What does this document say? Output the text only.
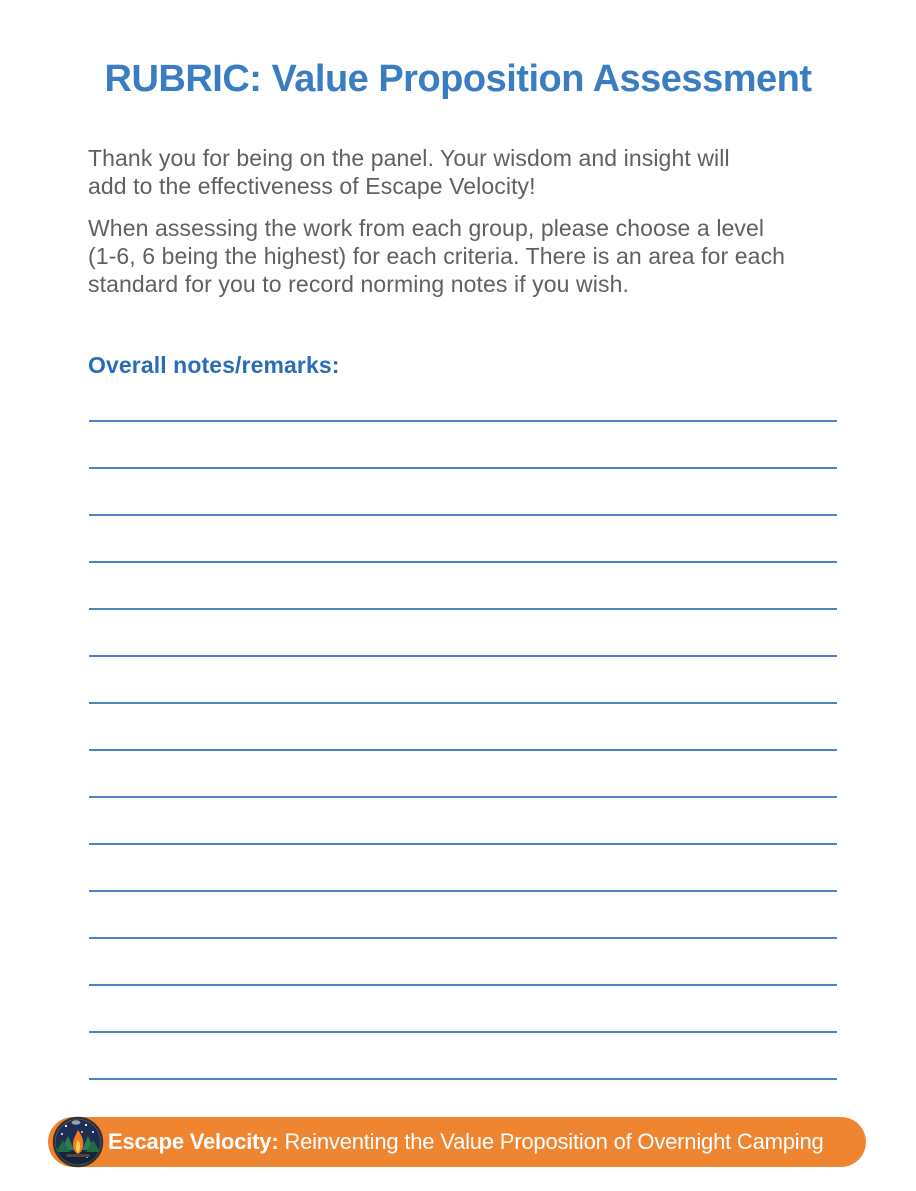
RUBRIC: Value Proposition Assessment
Thank you for being on the panel. Your wisdom and insight will
add to the effectiveness of Escape Velocity!
When assessing the work from each group, please choose a level
(1-6, 6 being the highest) for each criteria. There is an area for each
standard for you to record norming notes if you wish.
Overall notes/remarks:
Escape Velocity: Reinventing the Value Proposition of Overnight Camping
